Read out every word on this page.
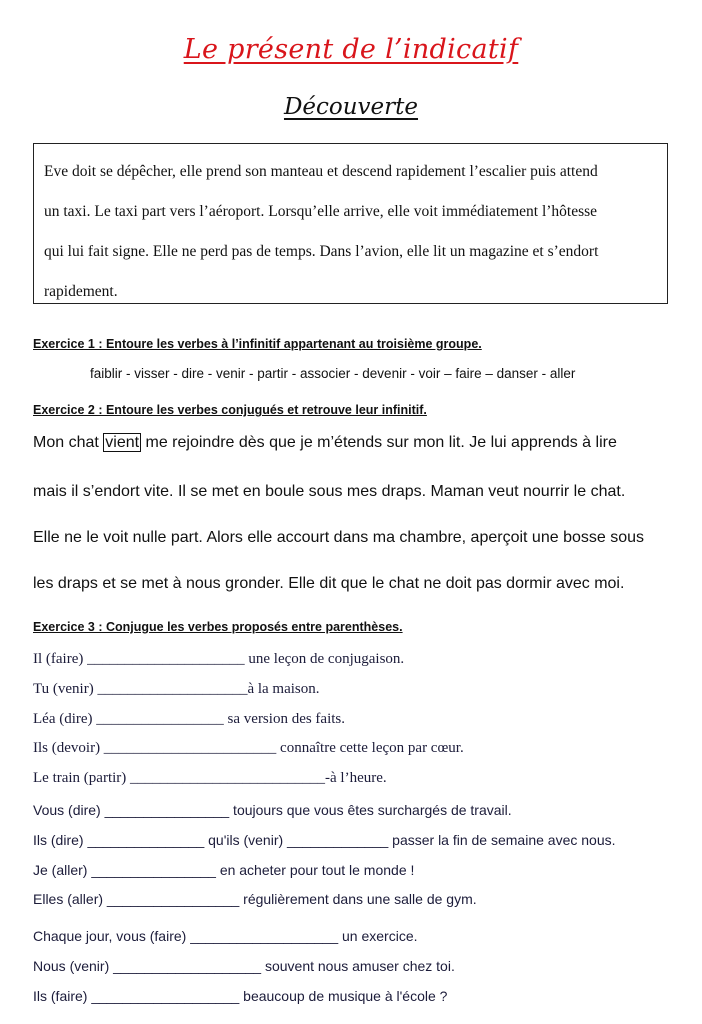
Le présent de l’indicatif
Découverte

Eve doit se dépêcher, elle prend son manteau et descend rapidement l’escalier puis attend

un taxi. Le taxi part vers l’aéroport. Lorsqu’elle arrive, elle voit immédiatement l’hôtesse

qui lui fait signe. Elle ne perd pas de temps. Dans l’avion, elle lit un magazine et s’endort

rapidement.

Exercice 1 : Entoure les verbes à l’infinitif appartenant au troisième groupe.
faiblir - visser - dire - venir - partir - associer - devenir - voir – faire – danser - aller
Exercice 2 : Entoure les verbes conjugués et retrouve leur infinitif.
Mon chat vient me rejoindre dès que je m’étends sur mon lit. Je lui apprends à lire
mais il s’endort vite. Il se met en boule sous mes draps. Maman veut nourrir le chat.
Elle ne le voit nulle part. Alors elle accourt dans ma chambre, aperçoit une bosse sous
les draps et se met à nous gronder. Elle dit que le chat ne doit pas dormir avec moi.
Exercice 3 : Conjugue les verbes proposés entre parenthèses.
Il (faire) _____________________ une leçon de conjugaison.
Tu (venir) ____________________à la maison.
Léa (dire) _________________ sa version des faits.
Ils (devoir) _______________________ connaître cette leçon par cœur.
Le train (partir) __________________________-à l’heure.
Vous (dire) ________________ toujours que vous êtes surchargés de travail.
Ils (dire) _______________ qu'ils (venir) _____________ passer la fin de semaine avec nous.
Je (aller) ________________ en acheter pour tout le monde !
Elles (aller) _________________ régulièrement dans une salle de gym.
Chaque jour, vous (faire) ___________________ un exercice.
Nous (venir) ___________________ souvent nous amuser chez toi.
Ils (faire) ___________________ beaucoup de musique à l'école ?
